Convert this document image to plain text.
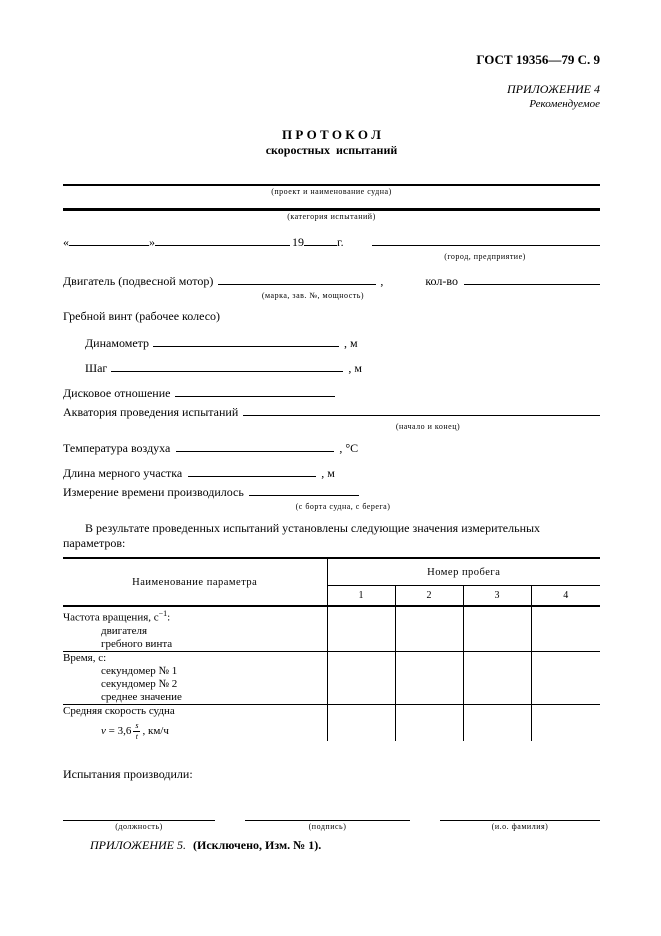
ГОСТ 19356—79 С. 9
ПРИЛОЖЕНИЕ 4
Рекомендуемое
П Р О Т О К О Л
скоростных испытаний
(проект и наименование судна)
(категория испытаний)
«	»	19	г.
(город, предприятие)
Двигатель (подвесной мотор)	,	кол-во
(марка, зав. №, мощность)
Гребной винт (рабочее колесо)
Динамометр	, м
Шаг	, м
Дисковое отношение
Акватория проведения испытаний
(начало и конец)
Температура воздуха	, °С
Длина мерного участка	, м
Измерение времени производилось
(с борта судна, с берега)
В результате проведенных испытаний установлены следующие значения измерительных параметров:
Наименование параметра	Номер пробега			
	1	2	3	4

Частота вращения, $с^{-1}$:
двигателя
гребного винта				

Время, с:
секундомер № 1
секундомер № 2
среднее значение				

Средняя скорость судна
$v = 3,6 \frac{s}{t}$ , км/ч				

Испытания производили:
(должность)	(подпись)	(и.о. фамилия)
ПРИЛОЖЕНИЕ 5. (Исключено, Изм. № 1).
